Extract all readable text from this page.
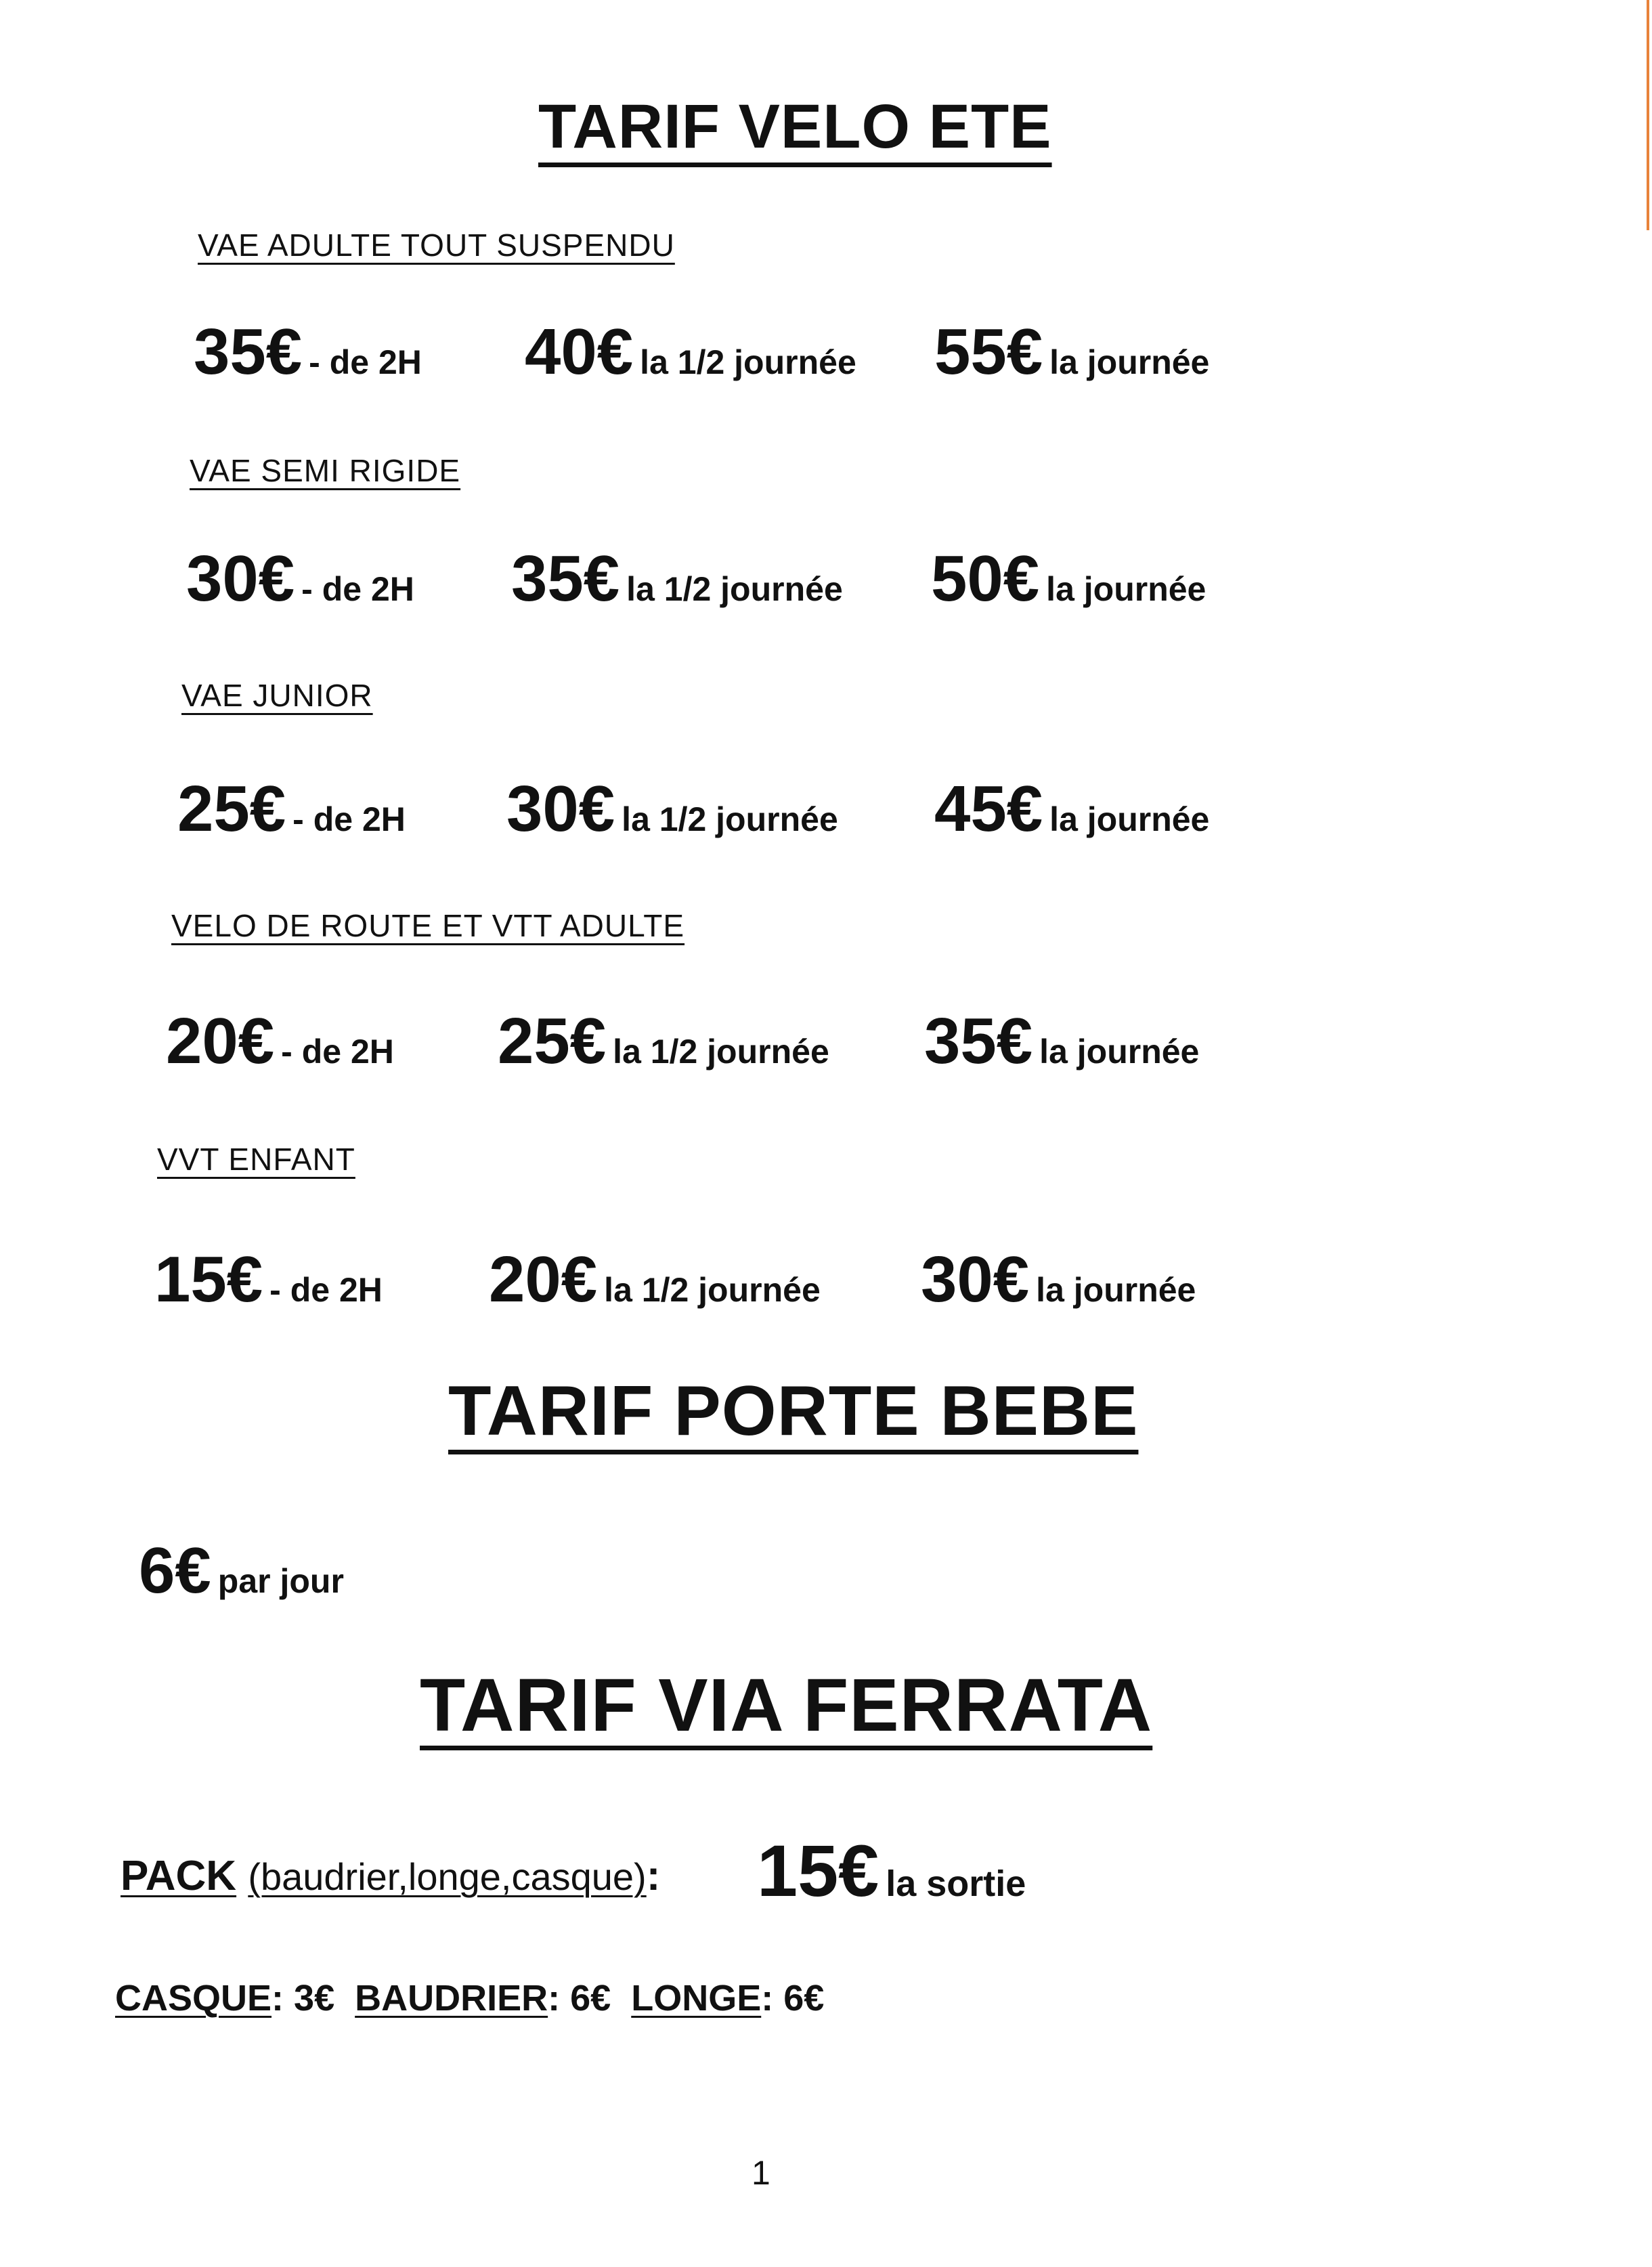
TARIF VELO ETE
VAE ADULTE TOUT SUSPENDU
35€ - de 2H 40€ la 1/2 journée 55€ la journée
VAE SEMI RIGIDE
30€ - de 2H 35€ la 1/2 journée 50€ la journée
VAE JUNIOR
25€ - de 2H 30€ la 1/2 journée 45€ la journée
VELO DE ROUTE ET VTT ADULTE
20€ - de 2H 25€ la 1/2 journée 35€ la journée
VVT ENFANT
15€ - de 2H 20€ la 1/2 journée 30€ la journée
TARIF PORTE BEBE
6€ par jour
TARIF VIA FERRATA
PACK (baudrier,longe,casque): 15€ la sortie
CASQUE: 3€ BAUDRIER: 6€ LONGE: 6€
1
